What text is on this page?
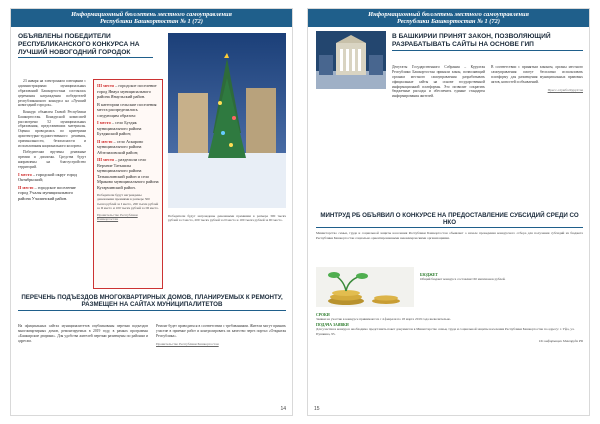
Информационный бюллетень местного самоуправления
Республики Башкортостан № 1 (72)
ОБЪЯВЛЕНЫ ПОБЕДИТЕЛИ РЕСПУБЛИКАНСКОГО КОНКУРСА НА ЛУЧШИЙ НОВОГОДНИЙ ГОРОДОК

23 января на электронном совещании с администрациями муниципальных образований Башкортостана состоялась церемония награждения победителей республиканского конкурса на «Лучший новогодний городок».

Конкурс объявлен Главой Республики Башкортостан. Конкурсной комиссией рассмотрено 52 муниципальных образования, представивших материалы. Оценка проводилась по критериям архитектурно-художественного решения, оригинальности, безопасности и использования национального колорита.

Победителям вручены денежные премии и дипломы. Средства будут направлены на благоустройство территорий.

I место – городской округ город Октябрьский;

II место – городское поселение город Учалы муниципального района Учалинский район.

III место – городское поселение город Янаул муниципального района Янаульский район.

В категории сельские поселения места распределились следующим образом:

I место – село Буздяк муниципального района Буздякский район;

II место – село Аскарово муниципального района Абзелиловский район;

III место – разделили село Верхние Татышлы муниципального района Татышлинский район и село Мраково муниципального района Кугарчинский район.

Победители будут награждены денежными премиями в размере 300 тысяч рублей за I место, 200 тысяч рублей за II место и 100 тысяч рублей за III место.
Правительство Республики Башкортостан
Победители будут награждены денежными премиями в размере 300 тысяч рублей за I место, 200 тысяч рублей за II место и 100 тысяч рублей за III место.
ПЕРЕЧЕНЬ ПОДЪЕЗДОВ МНОГОКВАРТИРНЫХ ДОМОВ, ПЛАНИРУЕМЫХ К РЕМОНТУ, РАЗМЕЩЕН НА САЙТАХ МУНИЦИПАЛИТЕТОВ
На официальных сайтах муниципалитетов опубликованы перечни подъездов многоквартирных домов, ремонтируемых в 2019 году, в рамках программы «Башкирские дворики». Для удобства жителей перечни размещены по районам и адресам.
Ремонт будет проводиться в соответствии с требованиями. Жители могут принять участие в приемке работ и контролировать их качество через портал «Открытая Республика».
Правительство Республики Башкортостан
14
Информационный бюллетень местного самоуправления
Республики Башкортостан № 1 (72)
В БАШКИРИИ ПРИНЯТ ЗАКОН, ПОЗВОЛЯЮЩИЙ РАЗРАБАТЫВАТЬ САЙТЫ НА ОСНОВЕ ГИП
Депутаты Государственного Собрания – Курултая Республики Башкортостан приняли закон, позволяющий органам местного самоуправления разрабатывать официальные сайты на основе государственной информационной платформы. Это позволит сократить бюджетные расходы и обеспечить единые стандарты информирования жителей.
В соответствии с принятым законом, органы местного самоуправления смогут бесплатно использовать платформу для размещения муниципальных правовых актов, новостей и объявлений.
Пресс-служба Курултая
МИНТРУД РБ ОБЪЯВИЛ О КОНКУРСЕ НА ПРЕДОСТАВЛЕНИЕ СУБСИДИЙ СРЕДИ СО НКО
Министерство семьи, труда и социальной защиты населения Республики Башкортостан объявляет о начале проведения конкурсного отбора для получения субсидий из бюджета Республики Башкортостан социально ориентированными некоммерческими организациями.
БЮДЖЕТ
Общий бюджет конкурса составляет 60 миллионов рублей.
СРОКИ
Заявки на участие в конкурсе принимаются с 4 февраля по 18 марта 2019 года включительно.
ПОДАЧА ЗАЯВКИ
Для участия в конкурсе необходимо представить пакет документов в Министерство семьи, труда и социальной защиты населения Республики Башкортостан по адресу: г. Уфа, ул. Пушкина, 95.
По информации Минтруда РБ
15
